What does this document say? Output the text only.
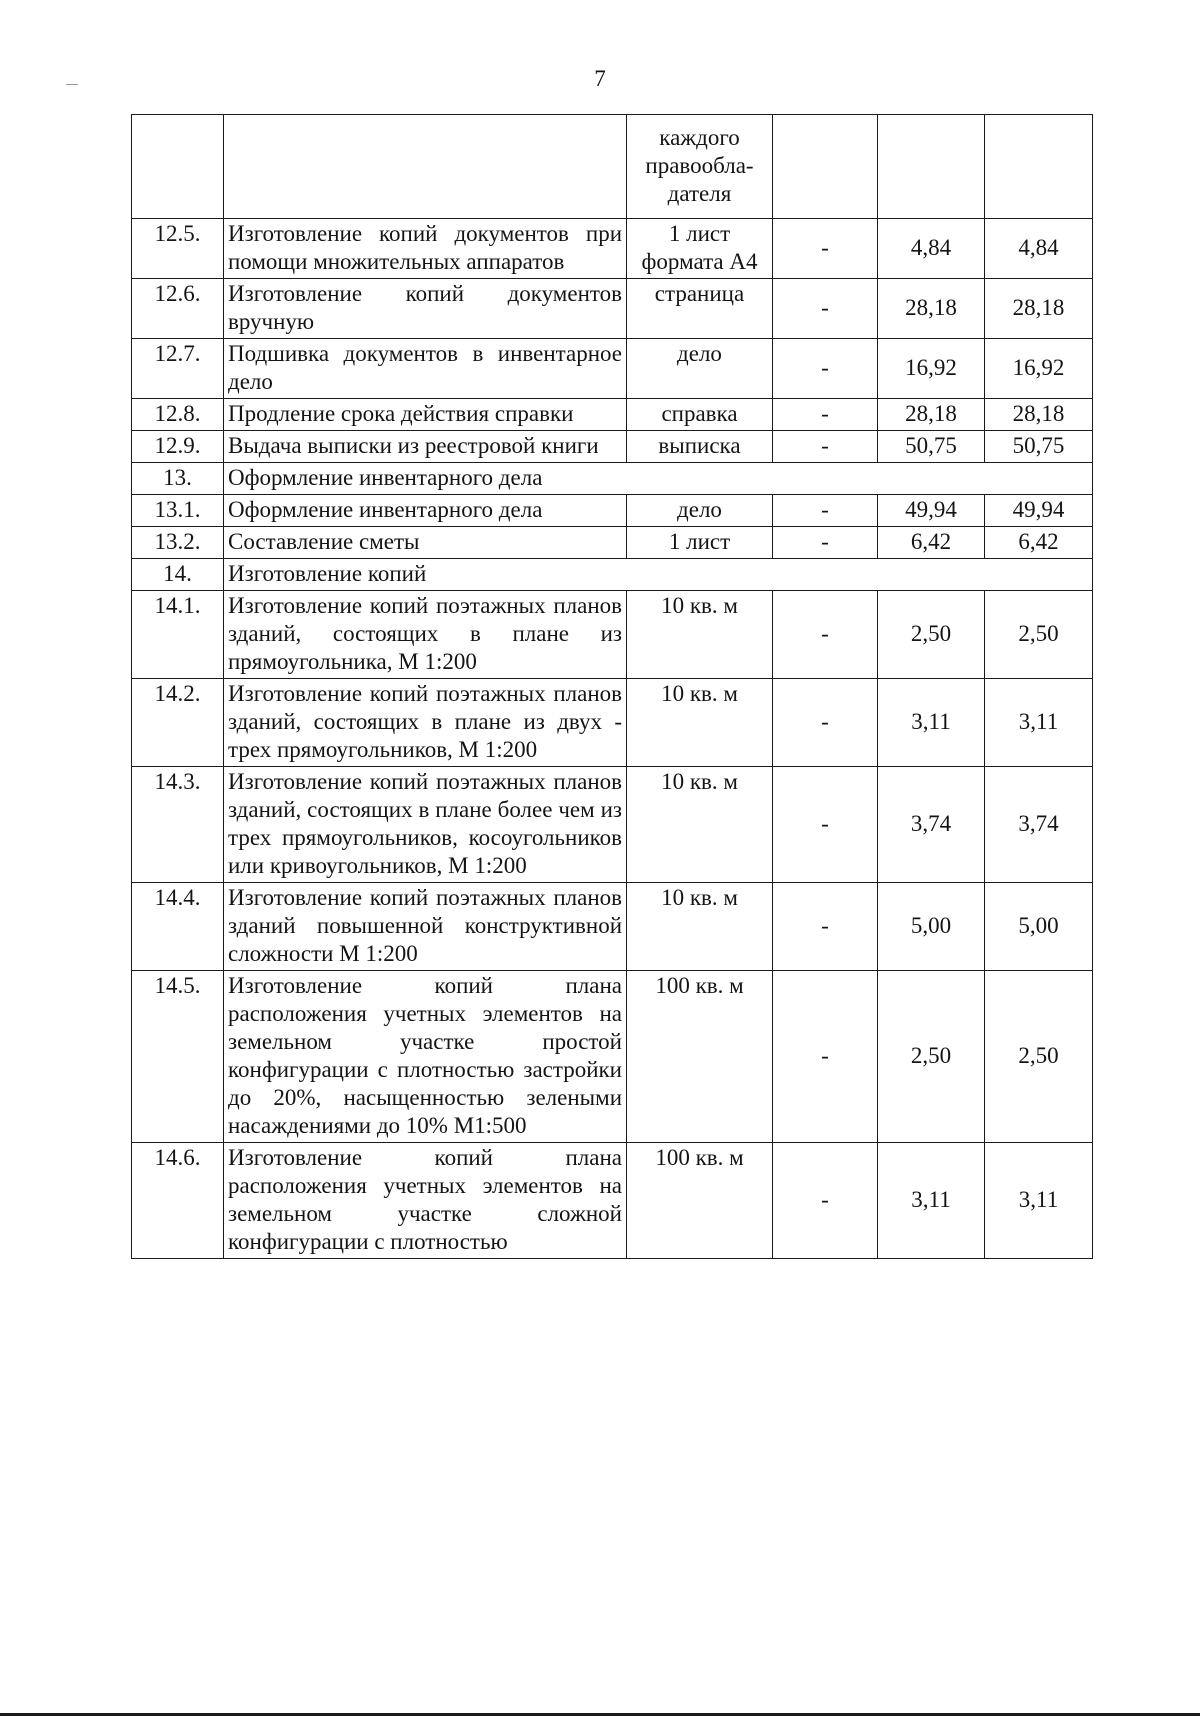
7
		каждого правообла-дателя			
12.5.	Изготовление копий документов при помощи множительных аппаратов	1 лист формата А4	-	4,84	4,84
12.6.	Изготовление копий документов вручную	страница	-	28,18	28,18
12.7.	Подшивка документов в инвентарное дело	дело	-	16,92	16,92
12.8.	Продление срока действия справки	справка	-	28,18	28,18
12.9.	Выдача выписки из реестровой книги	выписка	-	50,75	50,75
13.	Оформление инвентарного дела				
13.1.	Оформление инвентарного дела	дело	-	49,94	49,94
13.2.	Составление сметы	1 лист	-	6,42	6,42
14.	Изготовление копий				
14.1.	Изготовление копий поэтажных планов зданий, состоящих в плане из прямоугольника, М 1:200	10 кв. м	-	2,50	2,50
14.2.	Изготовление копий поэтажных планов зданий, состоящих в плане из двух - трех прямоугольников, М 1:200	10 кв. м	-	3,11	3,11
14.3.	Изготовление копий поэтажных планов зданий, состоящих в плане более чем из трех прямоугольников, косоугольников или кривоугольников, М 1:200	10 кв. м	-	3,74	3,74
14.4.	Изготовление копий поэтажных планов зданий повышенной конструктивной сложности М 1:200	10 кв. м	-	5,00	5,00
14.5.	Изготовление копий плана расположения учетных элементов на земельном участке простой конфигурации с плотностью застройки до 20%, насыщенностью зелеными насаждениями до 10% М1:500	100 кв. м	-	2,50	2,50
14.6.	Изготовление копий плана расположения учетных элементов на земельном участке сложной конфигурации с плотностью	100 кв. м	-	3,11	3,11
